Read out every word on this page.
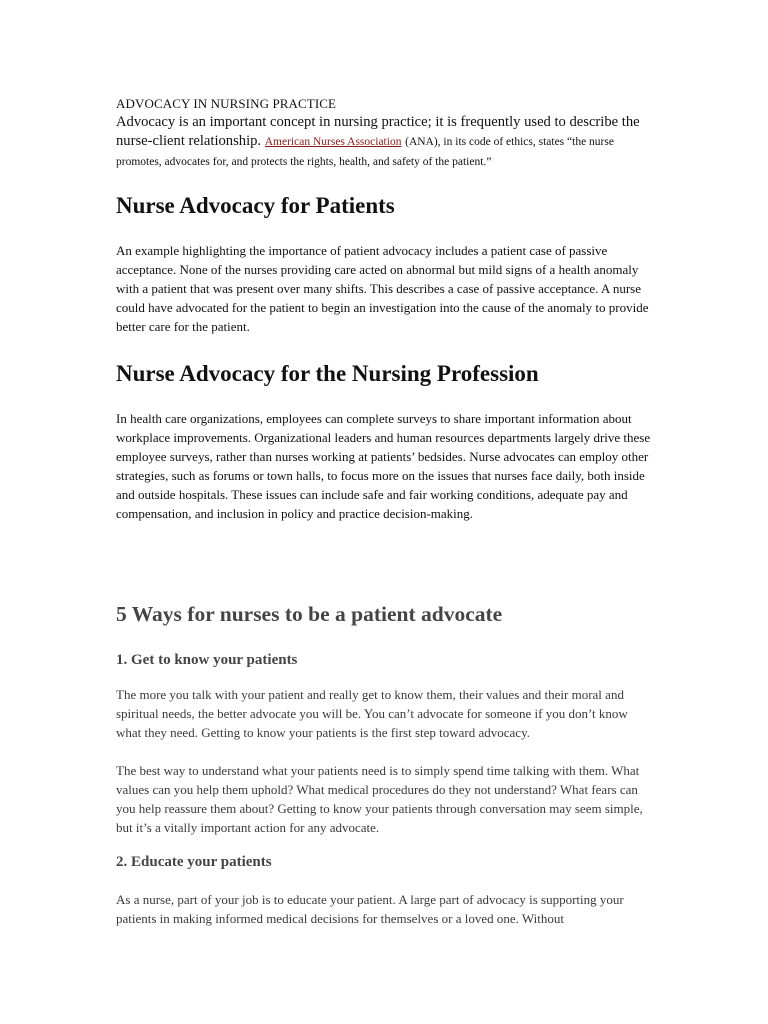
ADVOCACY IN NURSING PRACTICE

Advocacy is an important concept in nursing practice; it is frequently used to describe the nurse-client relationship. American Nurses Association (ANA), in its code of ethics, states “the nurse promotes, advocates for, and protects the rights, health, and safety of the patient.”

Nurse Advocacy for Patients

An example highlighting the importance of patient advocacy includes a patient case of passive acceptance. None of the nurses providing care acted on abnormal but mild signs of a health anomaly with a patient that was present over many shifts. This describes a case of passive acceptance. A nurse could have advocated for the patient to begin an investigation into the cause of the anomaly to provide better care for the patient.

Nurse Advocacy for the Nursing Profession

In health care organizations, employees can complete surveys to share important information about workplace improvements. Organizational leaders and human resources departments largely drive these employee surveys, rather than nurses working at patients’ bedsides. Nurse advocates can employ other strategies, such as forums or town halls, to focus more on the issues that nurses face daily, both inside and outside hospitals. These issues can include safe and fair working conditions, adequate pay and compensation, and inclusion in policy and practice decision-making.

5 Ways for nurses to be a patient advocate
1. Get to know your patients

The more you talk with your patient and really get to know them, their values and their moral and spiritual needs, the better advocate you will be. You can’t advocate for someone if you don’t know what they need. Getting to know your patients is the first step toward advocacy.

The best way to understand what your patients need is to simply spend time talking with them. What values can you help them uphold? What medical procedures do they not understand? What fears can you help reassure them about? Getting to know your patients through conversation may seem simple, but it’s a vitally important action for any advocate.

2. Educate your patients

As a nurse, part of your job is to educate your patient. A large part of advocacy is supporting your patients in making informed medical decisions for themselves or a loved one. Without
